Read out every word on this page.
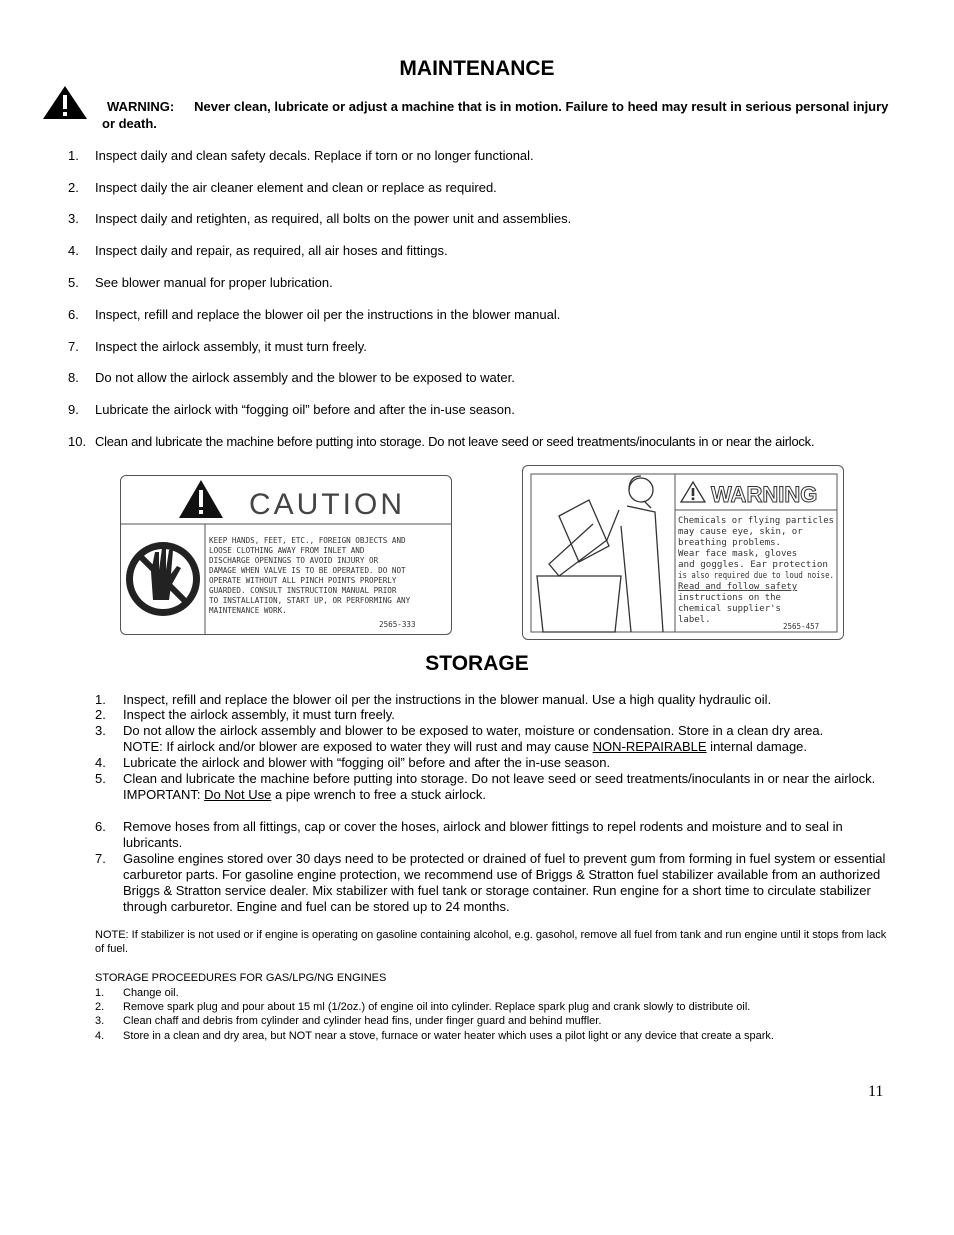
MAINTENANCE
WARNING: Never clean, lubricate or adjust a machine that is in motion. Failure to heed may result in serious personal injury or death.
1. Inspect daily and clean safety decals. Replace if torn or no longer functional.
2. Inspect daily the air cleaner element and clean or replace as required.
3. Inspect daily and retighten, as required, all bolts on the power unit and assemblies.
4. Inspect daily and repair, as required, all air hoses and fittings.
5. See blower manual for proper lubrication.
6. Inspect, refill and replace the blower oil per the instructions in the blower manual.
7. Inspect the airlock assembly, it must turn freely.
8. Do not allow the airlock assembly and the blower to be exposed to water.
9. Lubricate the airlock with “fogging oil” before and after the in-use season.
10. Clean and lubricate the machine before putting into storage. Do not leave seed or seed treatments/inoculants in or near the airlock.
CAUTION
KEEP HANDS, FEET, ETC., FOREIGN OBJECTS AND
LOOSE CLOTHING AWAY FROM INLET AND
DISCHARGE OPENINGS TO AVOID INJURY OR
DAMAGE WHEN VALVE IS TO BE OPERATED. DO NOT
OPERATE WITHOUT ALL PINCH POINTS PROPERLY
GUARDED. CONSULT INSTRUCTION MANUAL PRIOR
TO INSTALLATION, START UP, OR PERFORMING ANY
MAINTENANCE WORK.
2565-333
WARNING
Chemicals or flying particles
may cause eye, skin, or
breathing problems.
Wear face mask, gloves
and goggles. Ear protection
is also required due to loud noise.
Read and follow safety
instructions on the
chemical supplier's
label.
2565-457
STORAGE
1. Inspect, refill and replace the blower oil per the instructions in the blower manual. Use a high quality hydraulic oil.
2. Inspect the airlock assembly, it must turn freely.
3. Do not allow the airlock assembly and blower to be exposed to water, moisture or condensation. Store in a clean dry area.
NOTE: If airlock and/or blower are exposed to water they will rust and may cause NON-REPAIRABLE internal damage.
4. Lubricate the airlock and blower with “fogging oil” before and after the in-use season.
5. Clean and lubricate the machine before putting into storage. Do not leave seed or seed treatments/inoculants in or near the airlock.
IMPORTANT: Do Not Use a pipe wrench to free a stuck airlock.
6. Remove hoses from all fittings, cap or cover the hoses, airlock and blower fittings to repel rodents and moisture and to seal in lubricants.
7. Gasoline engines stored over 30 days need to be protected or drained of fuel to prevent gum from forming in fuel system or essential carburetor parts. For gasoline engine protection, we recommend use of Briggs & Stratton fuel stabilizer available from an authorized Briggs & Stratton service dealer. Mix stabilizer with fuel tank or storage container. Run engine for a short time to circulate stabilizer through carburetor. Engine and fuel can be stored up to 24 months.
NOTE: If stabilizer is not used or if engine is operating on gasoline containing alcohol, e.g. gasohol, remove all fuel from tank and run engine until it stops from lack of fuel.
STORAGE PROCEEDURES FOR GAS/LPG/NG ENGINES
1. Change oil.
2. Remove spark plug and pour about 15 ml (1/2oz.) of engine oil into cylinder. Replace spark plug and crank slowly to distribute oil.
3. Clean chaff and debris from cylinder and cylinder head fins, under finger guard and behind muffler.
4. Store in a clean and dry area, but NOT near a stove, furnace or water heater which uses a pilot light or any device that create a spark.
11
